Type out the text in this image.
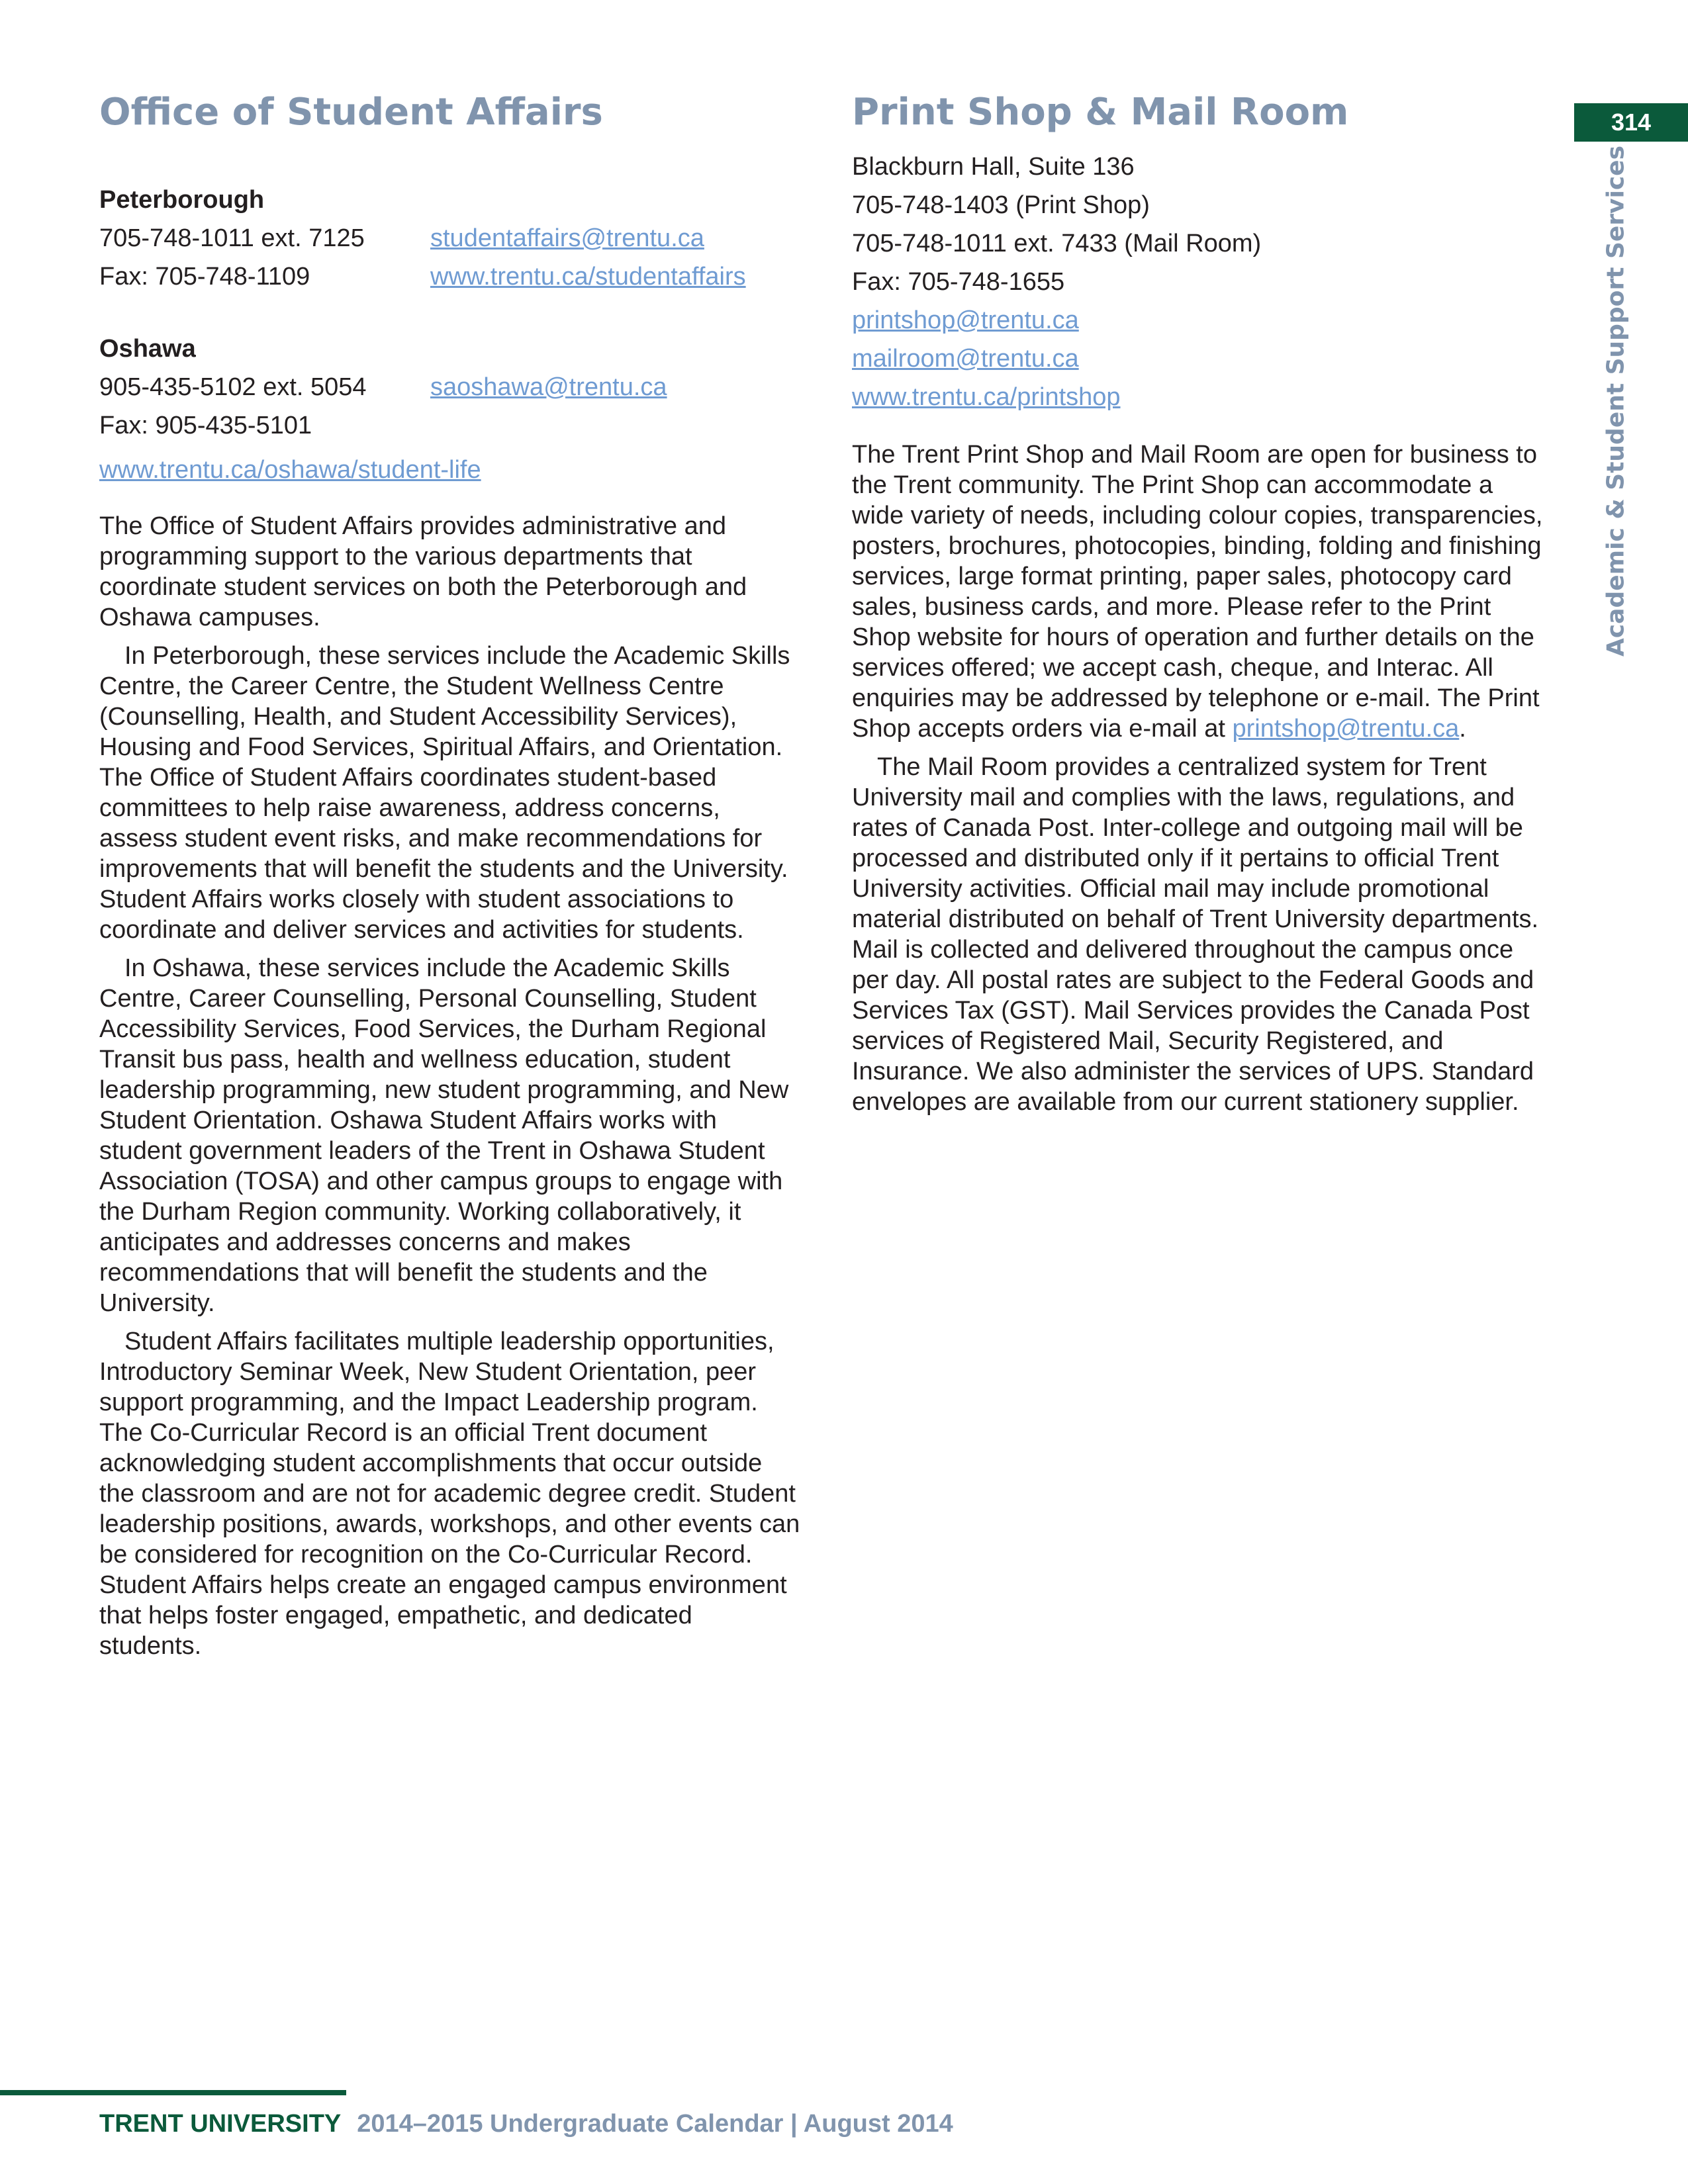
314
Academic & Student Support Services
Office of Student Affairs
Peterborough
705-748-1011 ext. 7125	studentaffairs@trentu.ca
Fax: 705-748-1109	www.trentu.ca/studentaffairs
Oshawa
905-435-5102 ext. 5054	saoshawa@trentu.ca
Fax: 905-435-5101
www.trentu.ca/oshawa/student-life

The Office of Student Affairs provides administrative and programming support to the various departments that coordinate student services on both the Peterborough and Oshawa campuses.

In Peterborough, these services include the Academic Skills Centre, the Career Centre, the Student Wellness Centre (Counselling, Health, and Student Accessibility Services), Housing and Food Services, Spiritual Affairs, and Orientation. The Office of Student Affairs coordinates student-based committees to help raise awareness, address concerns, assess student event risks, and make recommendations for improvements that will benefit the students and the University. Student Affairs works closely with student associations to coordinate and deliver services and activities for students.

In Oshawa, these services include the Academic Skills Centre, Career Counselling, Personal Counselling, Student Accessibility Services, Food Services, the Durham Regional Transit bus pass, health and wellness education, student leadership programming, new student programming, and New Student Orientation. Oshawa Student Affairs works with student government leaders of the Trent in Oshawa Student Association (TOSA) and other campus groups to engage with the Durham Region community. Working collaboratively, it anticipates and addresses concerns and makes recommendations that will benefit the students and the University.

Student Affairs facilitates multiple leadership opportunities, Introductory Seminar Week, New Student Orientation, peer support programming, and the Impact Leadership program. The Co-Curricular Record is an official Trent document acknowledging student accomplishments that occur outside the classroom and are not for academic degree credit. Student leadership positions, awards, workshops, and other events can be considered for recognition on the Co-Curricular Record. Student Affairs helps create an engaged campus environment that helps foster engaged, empathetic, and dedicated students.

Print Shop & Mail Room
Blackburn Hall, Suite 136
705-748-1403 (Print Shop)
705-748-1011 ext. 7433 (Mail Room)
Fax: 705-748-1655
printshop@trentu.ca
mailroom@trentu.ca
www.trentu.ca/printshop

The Trent Print Shop and Mail Room are open for business to the Trent community. The Print Shop can accommodate a wide variety of needs, including colour copies, transparencies, posters, brochures, photocopies, binding, folding and finishing services, large format printing, paper sales, photocopy card sales, business cards, and more. Please refer to the Print Shop website for hours of operation and further details on the services offered; we accept cash, cheque, and Interac. All enquiries may be addressed by telephone or e-mail. The Print Shop accepts orders via e-mail at printshop@trentu.ca.

The Mail Room provides a centralized system for Trent University mail and complies with the laws, regulations, and rates of Canada Post. Inter-college and outgoing mail will be processed and distributed only if it pertains to official Trent University activities. Official mail may include promotional material distributed on behalf of Trent University departments. Mail is collected and delivered throughout the campus once per day. All postal rates are subject to the Federal Goods and Services Tax (GST). Mail Services provides the Canada Post services of Registered Mail, Security Registered, and Insurance. We also administer the services of UPS. Standard envelopes are available from our current stationery supplier.

TRENT UNIVERSITY 2014–2015 Undergraduate Calendar | August 2014
